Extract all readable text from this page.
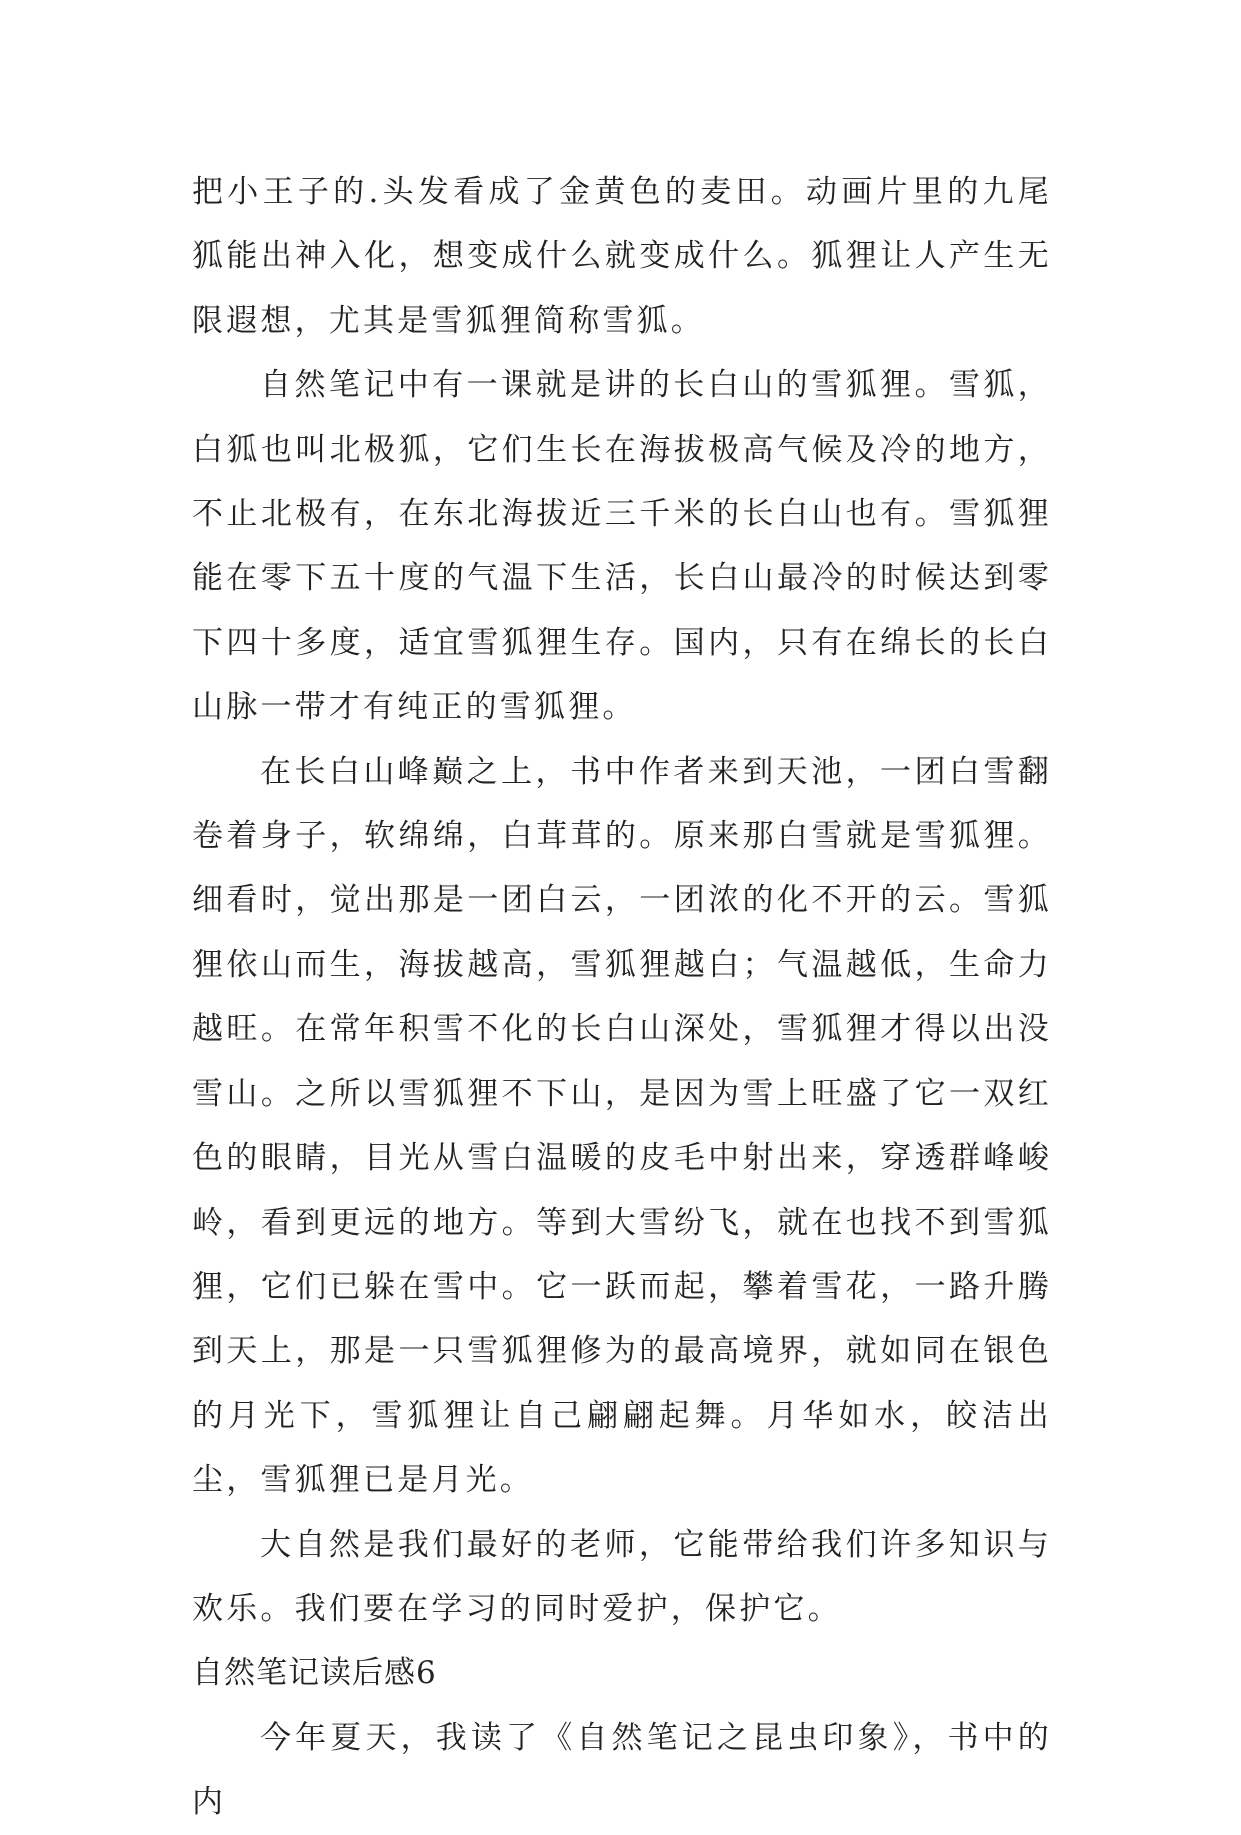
把小王子的.头发看成了金黄色的麦田。动画片里的九尾狐能出神入化，想变成什么就变成什么。狐狸让人产生无限遐想，尤其是雪狐狸简称雪狐。

自然笔记中有一课就是讲的长白山的雪狐狸。雪狐，白狐也叫北极狐，它们生长在海拔极高气候及冷的地方，不止北极有，在东北海拔近三千米的长白山也有。雪狐狸能在零下五十度的气温下生活，长白山最冷的时候达到零下四十多度，适宜雪狐狸生存。国内，只有在绵长的长白山脉一带才有纯正的雪狐狸。

在长白山峰巅之上，书中作者来到天池，一团白雪翻卷着身子，软绵绵，白茸茸的。原来那白雪就是雪狐狸。细看时，觉出那是一团白云，一团浓的化不开的云。雪狐狸依山而生，海拔越高，雪狐狸越白；气温越低，生命力越旺。在常年积雪不化的长白山深处，雪狐狸才得以出没雪山。之所以雪狐狸不下山，是因为雪上旺盛了它一双红色的眼睛，目光从雪白温暖的皮毛中射出来，穿透群峰峻岭，看到更远的地方。等到大雪纷飞，就在也找不到雪狐狸，它们已躲在雪中。它一跃而起，攀着雪花，一路升腾到天上，那是一只雪狐狸修为的最高境界，就如同在银色的月光下，雪狐狸让自己翩翩起舞。月华如水，皎洁出尘，雪狐狸已是月光。

大自然是我们最好的老师，它能带给我们许多知识与欢乐。我们要在学习的同时爱护，保护它。

自然笔记读后感6

今年夏天，我读了《自然笔记之昆虫印象》，书中的内
